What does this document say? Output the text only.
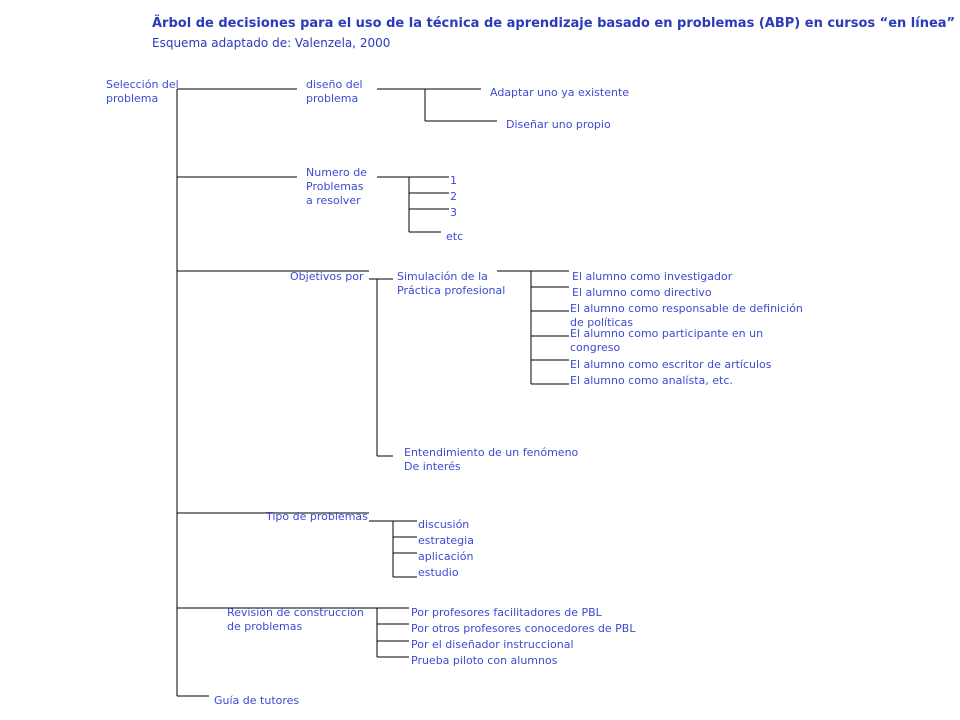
Ärbol de decisiones para el uso de la técnica de aprendizaje basado en problemas (ABP) en cursos “en línea”
Esquema adaptado de: Valenzela, 2000
Selección del
problema
diseño del
problema	Adaptar uno ya existente
Diseñar uno propio
Numero de
Problemas
a resolver
1
2
3
etc
Objetivos por	Simulación de la
Práctica profesional
El alumno como investigador
El alumno como directivo
El alumno como responsable de definición
de políticas
El alumno como participante en un
congreso
El alumno como escritor de artículos
El alumno como analísta, etc.
Entendimiento de un fenómeno
De interés
Tipo de problemas
discusión
estrategia
aplicación
estudio
Revisión de construcción
de problemas
Por profesores facilitadores de PBL
Por otros profesores conocedores de PBL
Por el diseñador instruccional
Prueba piloto con alumnos
Guía de tutores
